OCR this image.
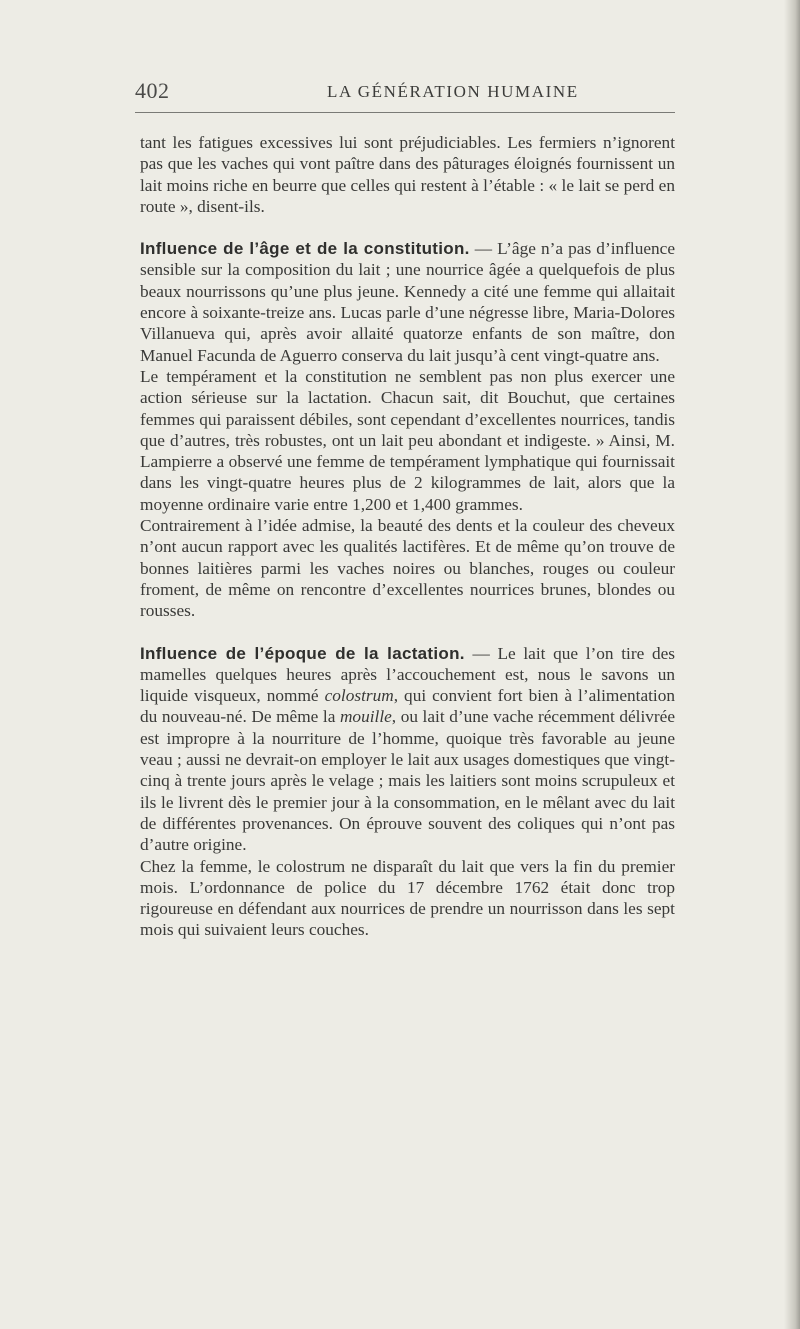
402	LA GÉNÉRATION HUMAINE

tant les fatigues excessives lui sont préjudiciables. Les fermiers n’ignorent pas que les vaches qui vont paître dans des pâturages éloignés fournissent un lait moins riche en beurre que celles qui restent à l’étable : « le lait se perd en route », disent-ils.

Influence de l’âge et de la constitution. — L’âge n’a pas d’influence sensible sur la composition du lait ; une nourrice âgée a quelquefois de plus beaux nourrissons qu’une plus jeune. Kennedy a cité une femme qui allaitait encore à soixante-treize ans. Lucas parle d’une négresse libre, Maria-Dolores Villanueva qui, après avoir allaité quatorze enfants de son maître, don Manuel Facunda de Aguerro conserva du lait jusqu’à cent vingt-quatre ans.

Le tempérament et la constitution ne semblent pas non plus exercer une action sérieuse sur la lactation. Chacun sait, dit Bouchut, que certaines femmes qui paraissent débiles, sont cependant d’excellentes nourrices, tandis que d’autres, très robustes, ont un lait peu abondant et indigeste. » Ainsi, M. Lampierre a observé une femme de tempérament lymphatique qui fournissait dans les vingt-quatre heures plus de 2 kilogrammes de lait, alors que la moyenne ordinaire varie entre 1,200 et 1,400 grammes.

Contrairement à l’idée admise, la beauté des dents et la couleur des cheveux n’ont aucun rapport avec les qualités lactifères. Et de même qu’on trouve de bonnes laitières parmi les vaches noires ou blanches, rouges ou couleur froment, de même on rencontre d’excellentes nourrices brunes, blondes ou rousses.

Influence de l’époque de la lactation. — Le lait que l’on tire des mamelles quelques heures après l’accouchement est, nous le savons un liquide visqueux, nommé colostrum, qui convient fort bien à l’alimentation du nouveau-né. De même la mouille, ou lait d’une vache récemment délivrée est impropre à la nourriture de l’homme, quoique très favorable au jeune veau ; aussi ne devrait-on employer le lait aux usages domestiques que vingt-cinq à trente jours après le velage ; mais les laitiers sont moins scrupuleux et ils le livrent dès le premier jour à la consommation, en le mêlant avec du lait de différentes provenances. On éprouve souvent des coliques qui n’ont pas d’autre origine.

Chez la femme, le colostrum ne disparaît du lait que vers la fin du premier mois. L’ordonnance de police du 17 décembre 1762 était donc trop rigoureuse en défendant aux nourrices de prendre un nourrisson dans les sept mois qui suivaient leurs couches.
